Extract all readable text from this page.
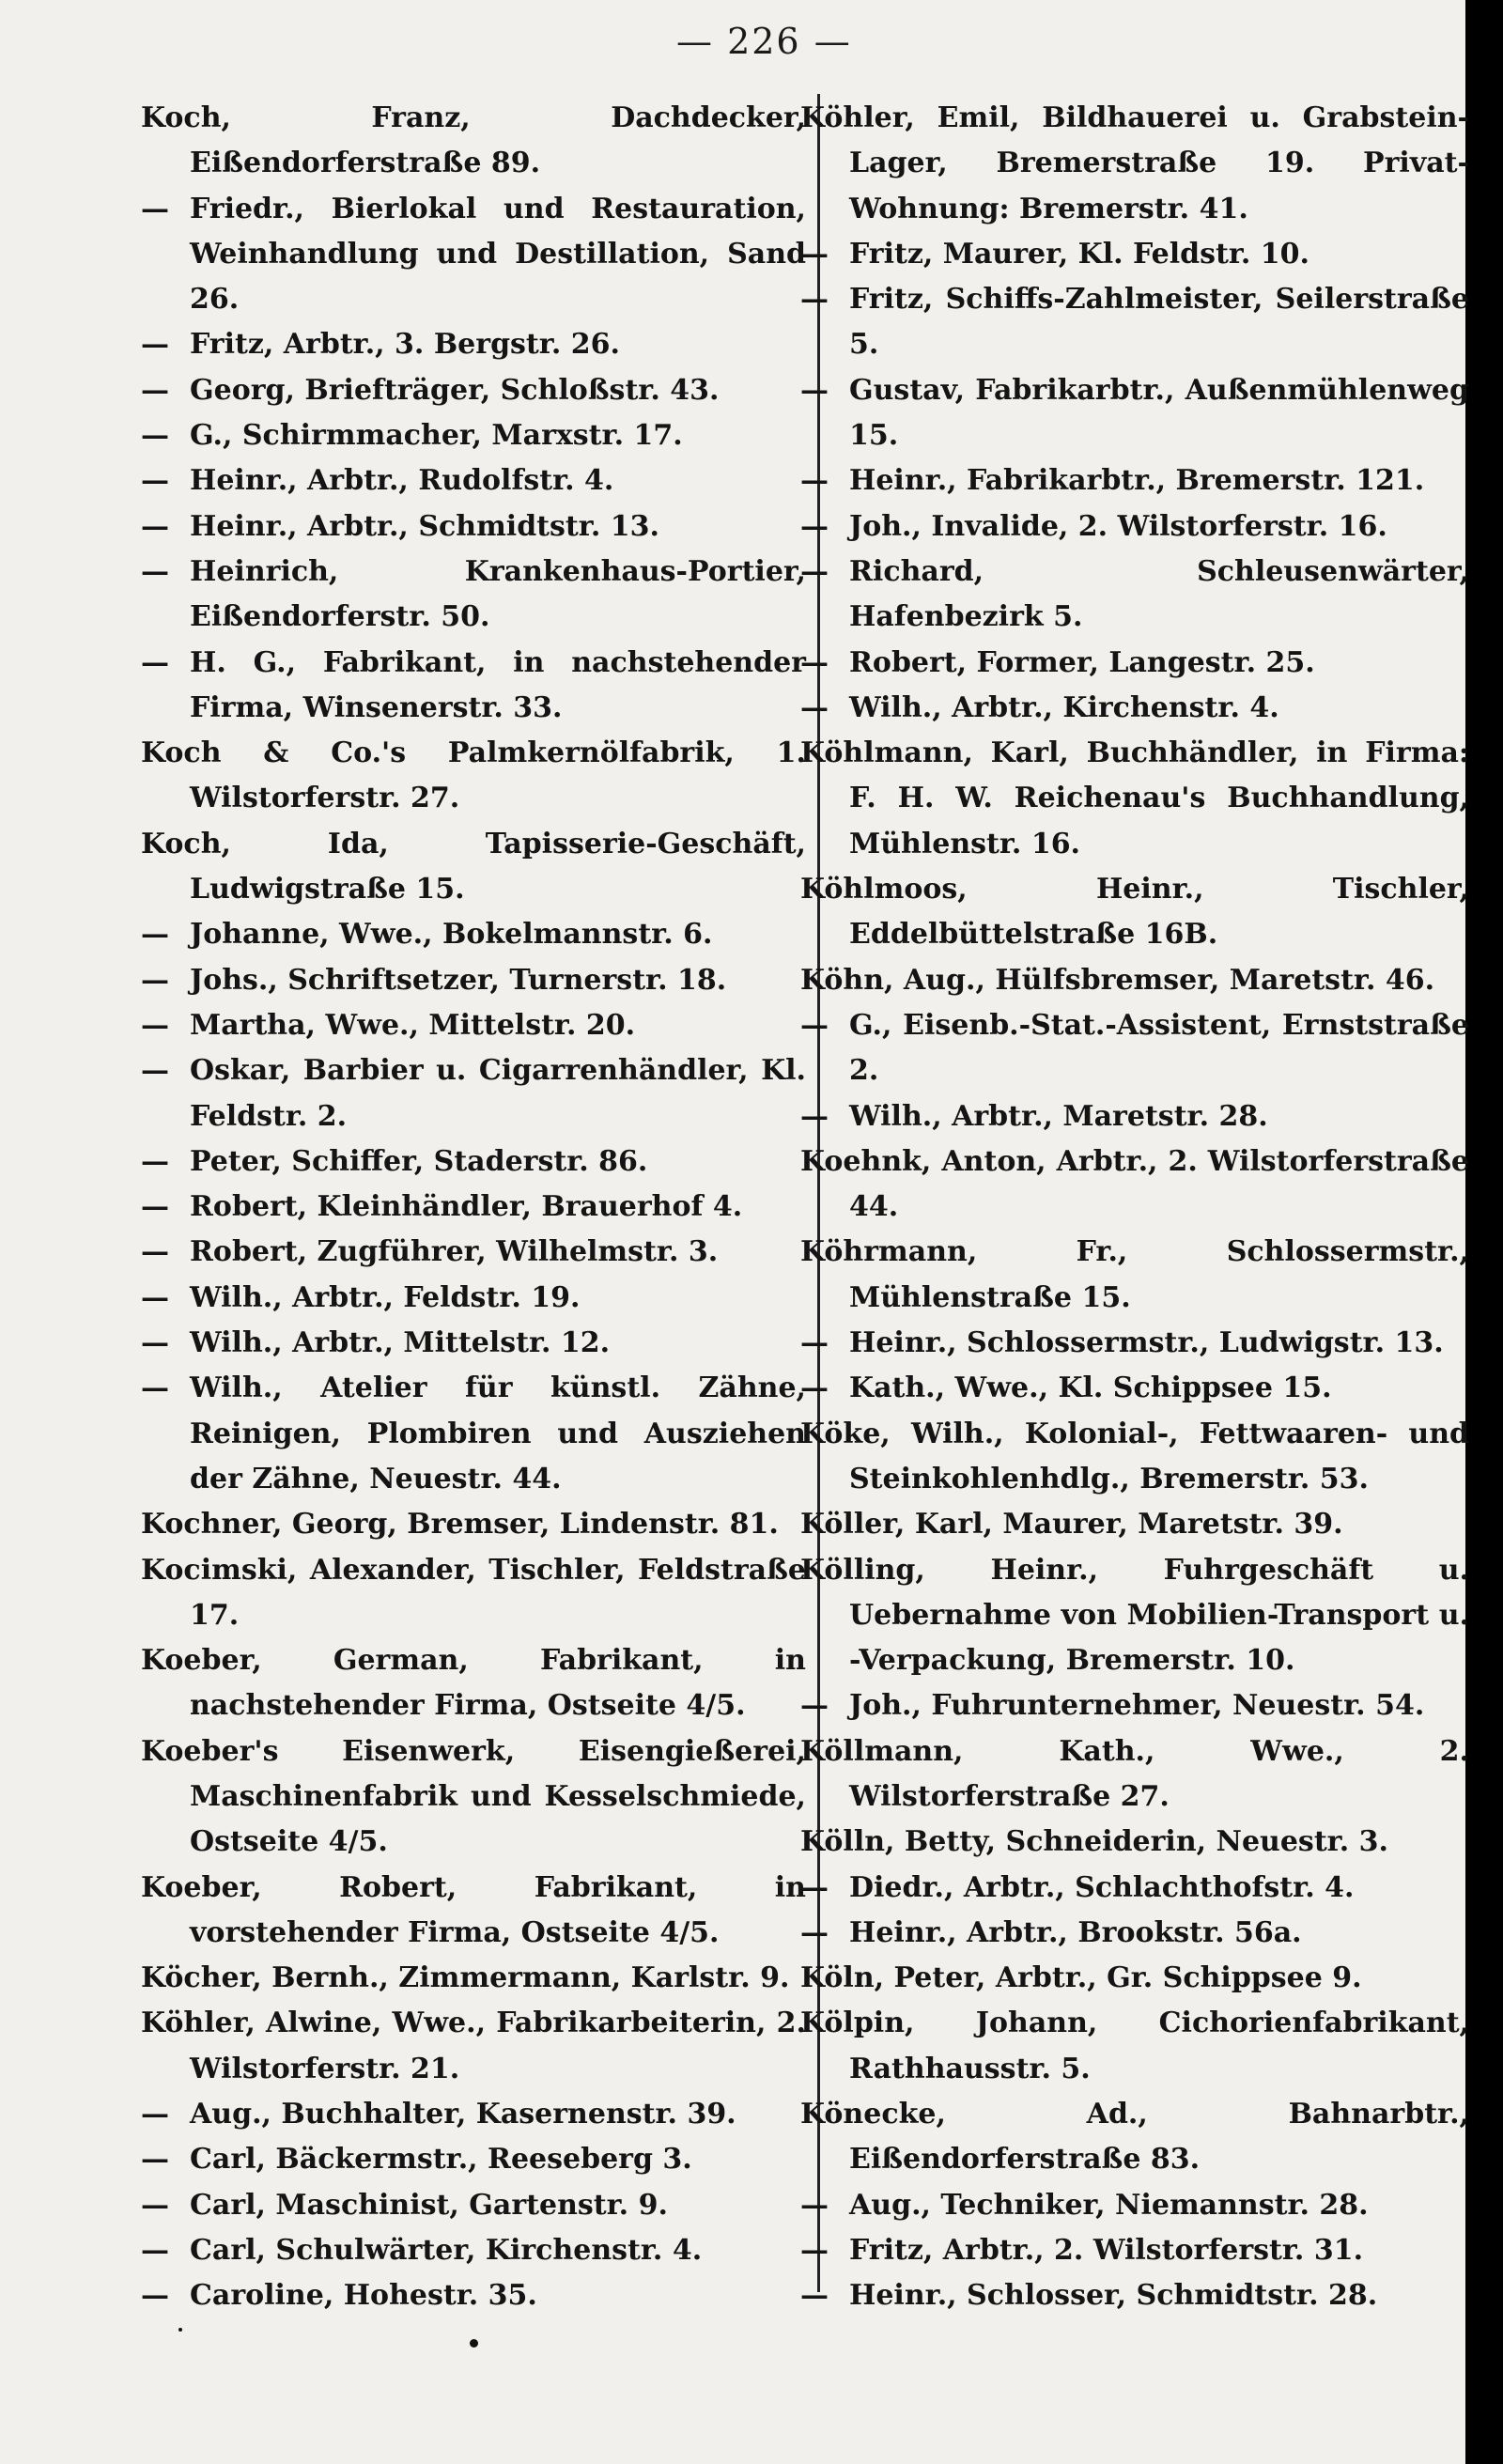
— 226 —
Koch, Franz, Dachdecker, Eißendorferstraße 89.
— Friedr., Bierlokal und Restauration, Weinhandlung und Destillation, Sand 26.
— Fritz, Arbtr., 3. Bergstr. 26.
— Georg, Briefträger, Schloßstr. 43.
— G., Schirmmacher, Marxstr. 17.
— Heinr., Arbtr., Rudolfstr. 4.
— Heinr., Arbtr., Schmidtstr. 13.
— Heinrich, Krankenhaus-Portier, Eißendorferstr. 50.
— H. G., Fabrikant, in nachstehender Firma, Winsenerstr. 33.
Koch & Co.'s Palmkernölfabrik, 1. Wilstorferstr. 27.
Koch, Ida, Tapisserie-Geschäft, Ludwigstraße 15.
— Johanne, Wwe., Bokelmannstr. 6.
— Johs., Schriftsetzer, Turnerstr. 18.
— Martha, Wwe., Mittelstr. 20.
— Oskar, Barbier u. Cigarrenhändler, Kl. Feldstr. 2.
— Peter, Schiffer, Staderstr. 86.
— Robert, Kleinhändler, Brauerhof 4.
— Robert, Zugführer, Wilhelmstr. 3.
— Wilh., Arbtr., Feldstr. 19.
— Wilh., Arbtr., Mittelstr. 12.
— Wilh., Atelier für künstl. Zähne, Reinigen, Plombiren und Ausziehen der Zähne, Neuestr. 44.
Kochner, Georg, Bremser, Lindenstr. 81.
Kocimski, Alexander, Tischler, Feldstraße 17.
Koeber, German, Fabrikant, in nachstehender Firma, Ostseite 4/5.
Koeber's Eisenwerk, Eisengießerei, Maschinenfabrik und Kesselschmiede, Ostseite 4/5.
Koeber, Robert, Fabrikant, in vorstehender Firma, Ostseite 4/5.
Köcher, Bernh., Zimmermann, Karlstr. 9.
Köhler, Alwine, Wwe., Fabrikarbeiterin, 2. Wilstorferstr. 21.
— Aug., Buchhalter, Kasernenstr. 39.
— Carl, Bäckermstr., Reeseberg 3.
— Carl, Maschinist, Gartenstr. 9.
— Carl, Schulwärter, Kirchenstr. 4.
— Caroline, Hohestr. 35.
Köhler, Emil, Bildhauerei u. Grabstein-Lager, Bremerstraße 19. Privat-Wohnung: Bremerstr. 41.
— Fritz, Maurer, Kl. Feldstr. 10.
— Fritz, Schiffs-Zahlmeister, Seilerstraße 5.
— Gustav, Fabrikarbtr., Außenmühlenweg 15.
— Heinr., Fabrikarbtr., Bremerstr. 121.
— Joh., Invalide, 2. Wilstorferstr. 16.
— Richard, Schleusenwärter, Hafenbezirk 5.
— Robert, Former, Langestr. 25.
— Wilh., Arbtr., Kirchenstr. 4.
Köhlmann, Karl, Buchhändler, in Firma: F. H. W. Reichenau's Buchhandlung, Mühlenstr. 16.
Köhlmoos, Heinr., Tischler, Eddelbüttelstraße 16B.
Köhn, Aug., Hülfsbremser, Maretstr. 46.
— G., Eisenb.-Stat.-Assistent, Ernststraße 2.
— Wilh., Arbtr., Maretstr. 28.
Koehnk, Anton, Arbtr., 2. Wilstorferstraße 44.
Köhrmann, Fr., Schlossermstr., Mühlenstraße 15.
— Heinr., Schlossermstr., Ludwigstr. 13.
— Kath., Wwe., Kl. Schippsee 15.
Köke, Wilh., Kolonial-, Fettwaaren- und Steinkohlenhdlg., Bremerstr. 53.
Köller, Karl, Maurer, Maretstr. 39.
Kölling, Heinr., Fuhrgeschäft u. Uebernahme von Mobilien-Transport u. -Verpackung, Bremerstr. 10.
— Joh., Fuhrunternehmer, Neuestr. 54.
Köllmann, Kath., Wwe., 2. Wilstorferstraße 27.
Kölln, Betty, Schneiderin, Neuestr. 3.
— Diedr., Arbtr., Schlachthofstr. 4.
— Heinr., Arbtr., Brookstr. 56a.
Köln, Peter, Arbtr., Gr. Schippsee 9.
Kölpin, Johann, Cichorienfabrikant, Rathhausstr. 5.
Könecke, Ad., Bahnarbtr., Eißendorferstraße 83.
— Aug., Techniker, Niemannstr. 28.
— Fritz, Arbtr., 2. Wilstorferstr. 31.
— Heinr., Schlosser, Schmidtstr. 28.
